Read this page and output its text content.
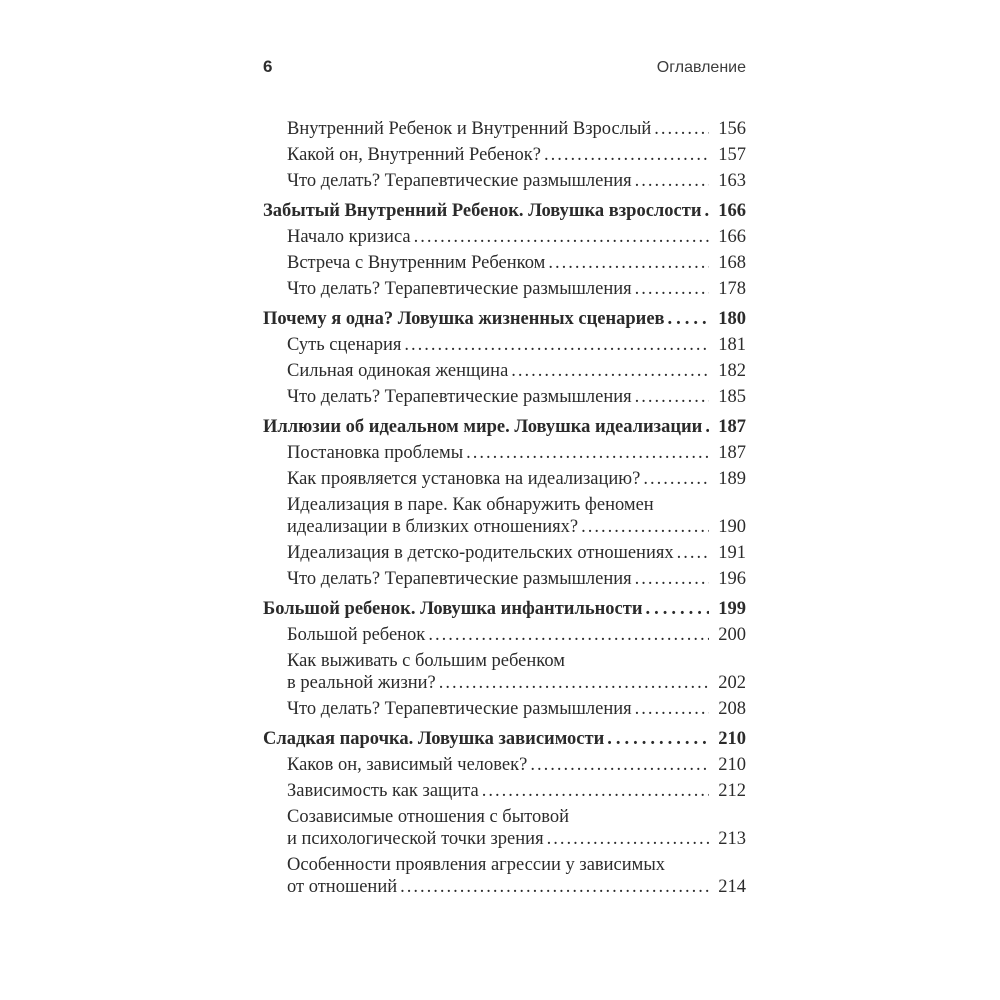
6	Оглавление
Внутренний Ребенок и Внутренний Взрослый .....	156
Какой он, Внутренний Ребенок? .....	157
Что делать? Терапевтические размышления .....	163
Забытый Внутренний Ребенок. Ловушка взрослости ..... 166
Начало кризиса .....	166
Встреча с Внутренним Ребенком .....	168
Что делать? Терапевтические размышления .....	178
Почему я одна? Ловушка жизненных сценариев .....	180
Суть сценария .....	181
Сильная одинокая женщина .....	182
Что делать? Терапевтические размышления .....	185
Иллюзии об идеальном мире. Ловушка идеализации ..... 187
Постановка проблемы .....	187
Как проявляется установка на идеализацию? .....	189
Идеализация в паре. Как обнаружить феномен
идеализации в близких отношениях? .....	190
Идеализация в детско-родительских отношениях ..... 191
Что делать? Терапевтические размышления .....	196
Большой ребенок. Ловушка инфантильности .....	199
Большой ребенок .....	200
Как выживать с большим ребенком
в реальной жизни? .....	202
Что делать? Терапевтические размышления .....	208
Сладкая парочка. Ловушка зависимости .....	210
Каков он, зависимый человек? .....	210
Зависимость как защита .....	212
Созависимые отношения с бытовой
и психологической точки зрения .....	213
Особенности проявления агрессии у зависимых
от отношений .....	214
